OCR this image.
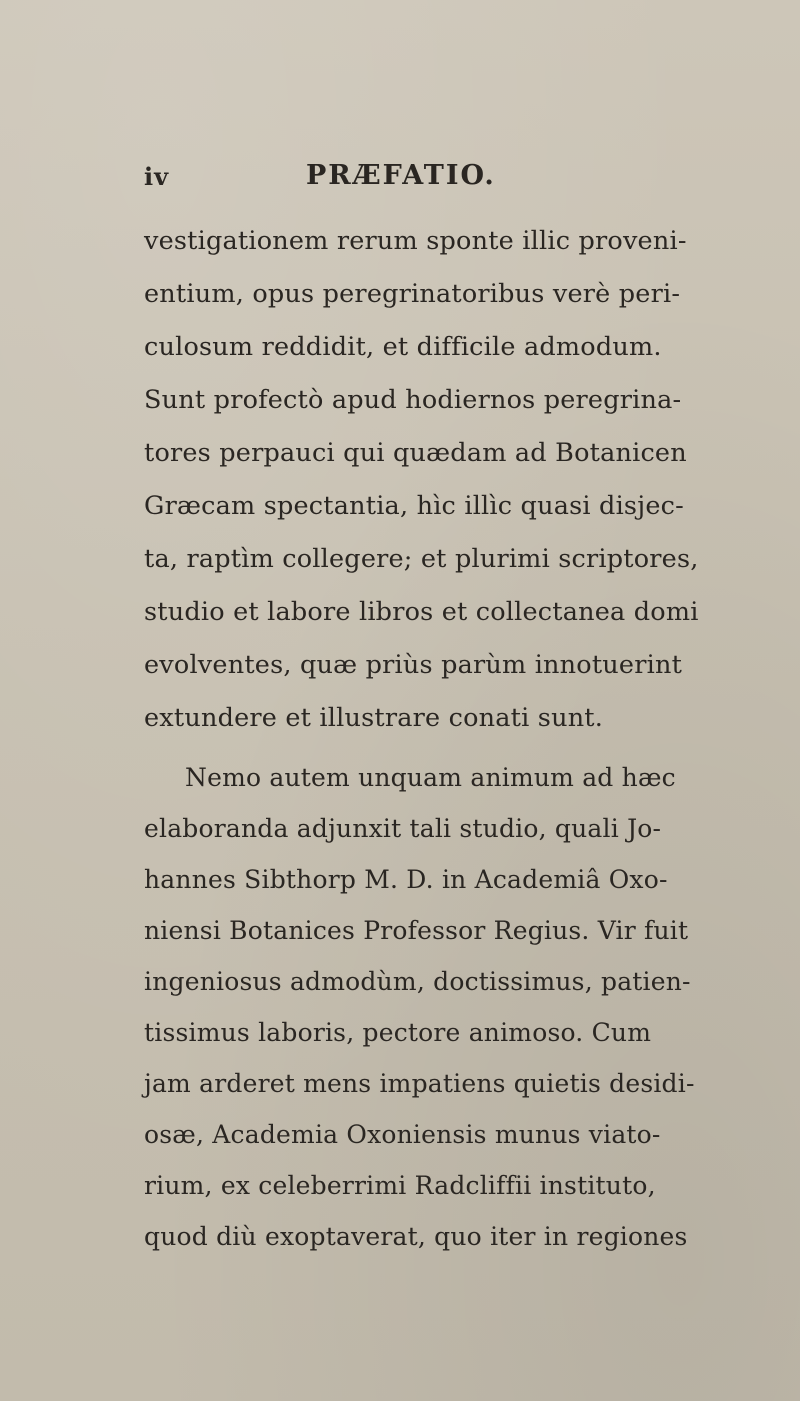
iv	PRÆFATIO.
vestigationem rerum sponte illic proveni-
entium, opus peregrinatoribus verè peri-
culosum reddidit, et difficile admodum.
Sunt profectò apud hodiernos peregrina-
tores perpauci qui quædam ad Botanicen
Græcam spectantia, hìc illìc quasi disjec-
ta, raptìm collegere; et plurimi scriptores,
studio et labore libros et collectanea domi
evolventes, quæ priùs parùm innotuerint
extundere et illustrare conati sunt.
Nemo autem unquam animum ad hæc
elaboranda adjunxit tali studio, quali Jo-
hannes Sibthorp M. D. in Academiâ Oxo-
niensi Botanices Professor Regius. Vir fuit
ingeniosus admodùm, doctissimus, patien-
tissimus laboris, pectore animoso. Cum
jam arderet mens impatiens quietis desidi-
osæ, Academia Oxoniensis munus viato-
rium, ex celeberrimi Radcliffii instituto,
quod diù exoptaverat, quo iter in regiones
